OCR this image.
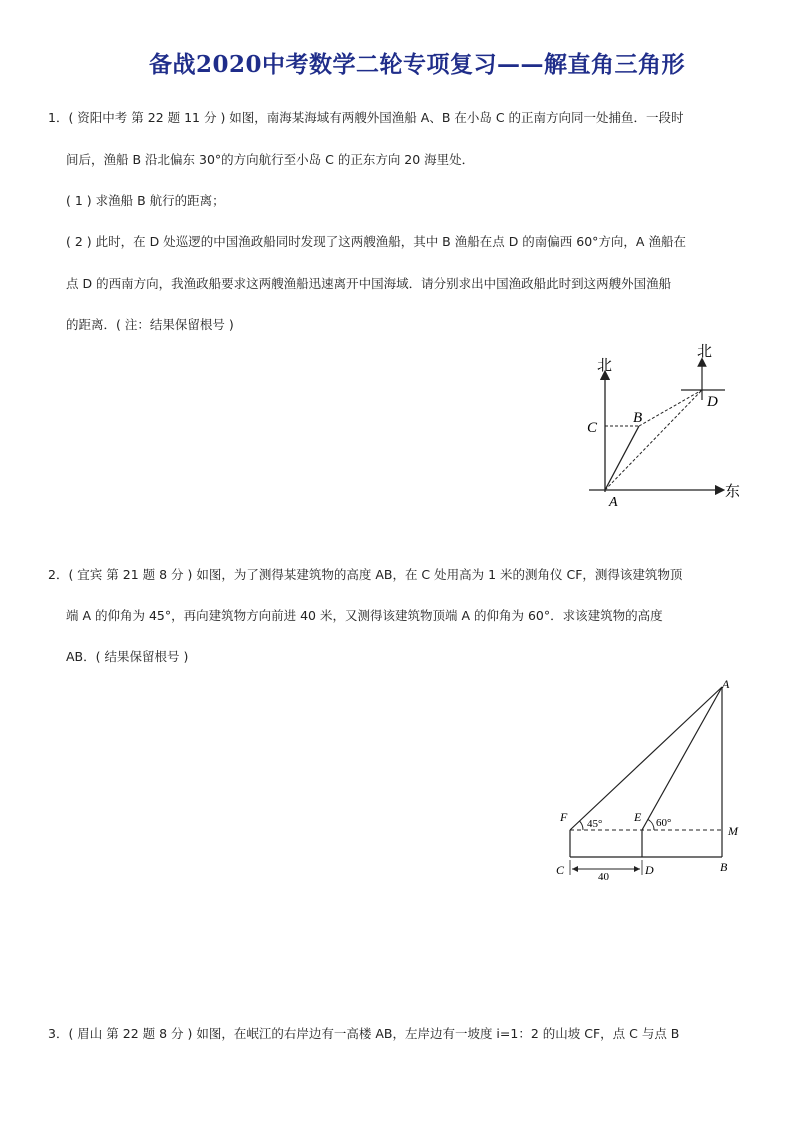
备战2020中考数学二轮专项复习——解直角三角形
1．( 资阳中考 第 22 题 11 分 ) 如图，南海某海域有两艘外国渔船 A、B 在小岛 C 的正南方向同一处捕鱼．一段时
间后，渔船 B 沿北偏东 30°的方向航行至小岛 C 的正东方向 20 海里处．
( 1 ) 求渔船 B 航行的距离；
( 2 ) 此时，在 D 处巡逻的中国渔政船同时发现了这两艘渔船，其中 B 渔船在点 D 的南偏西 60°方向，A 渔船在
点 D 的西南方向，我渔政船要求这两艘渔船迅速离开中国海域．请分别求出中国渔政船此时到这两艘外国渔船
的距离．( 注：结果保留根号 )
北
北
东
A
B
C
D
2．( 宜宾 第 21 题 8 分 ) 如图，为了测得某建筑物的高度 AB，在 C 处用高为 1 米的测角仪 CF，测得该建筑物顶
端 A 的仰角为 45°，再向建筑物方向前进 40 米，又测得该建筑物顶端 A 的仰角为 60°．求该建筑物的高度
AB．( 结果保留根号 )
A
M
B
F	E
C	D
45°	60°
40
3．( 眉山 第 22 题 8 分 ) 如图，在岷江的右岸边有一高楼 AB，左岸边有一坡度 i=1：2 的山坡 CF，点 C 与点 B
